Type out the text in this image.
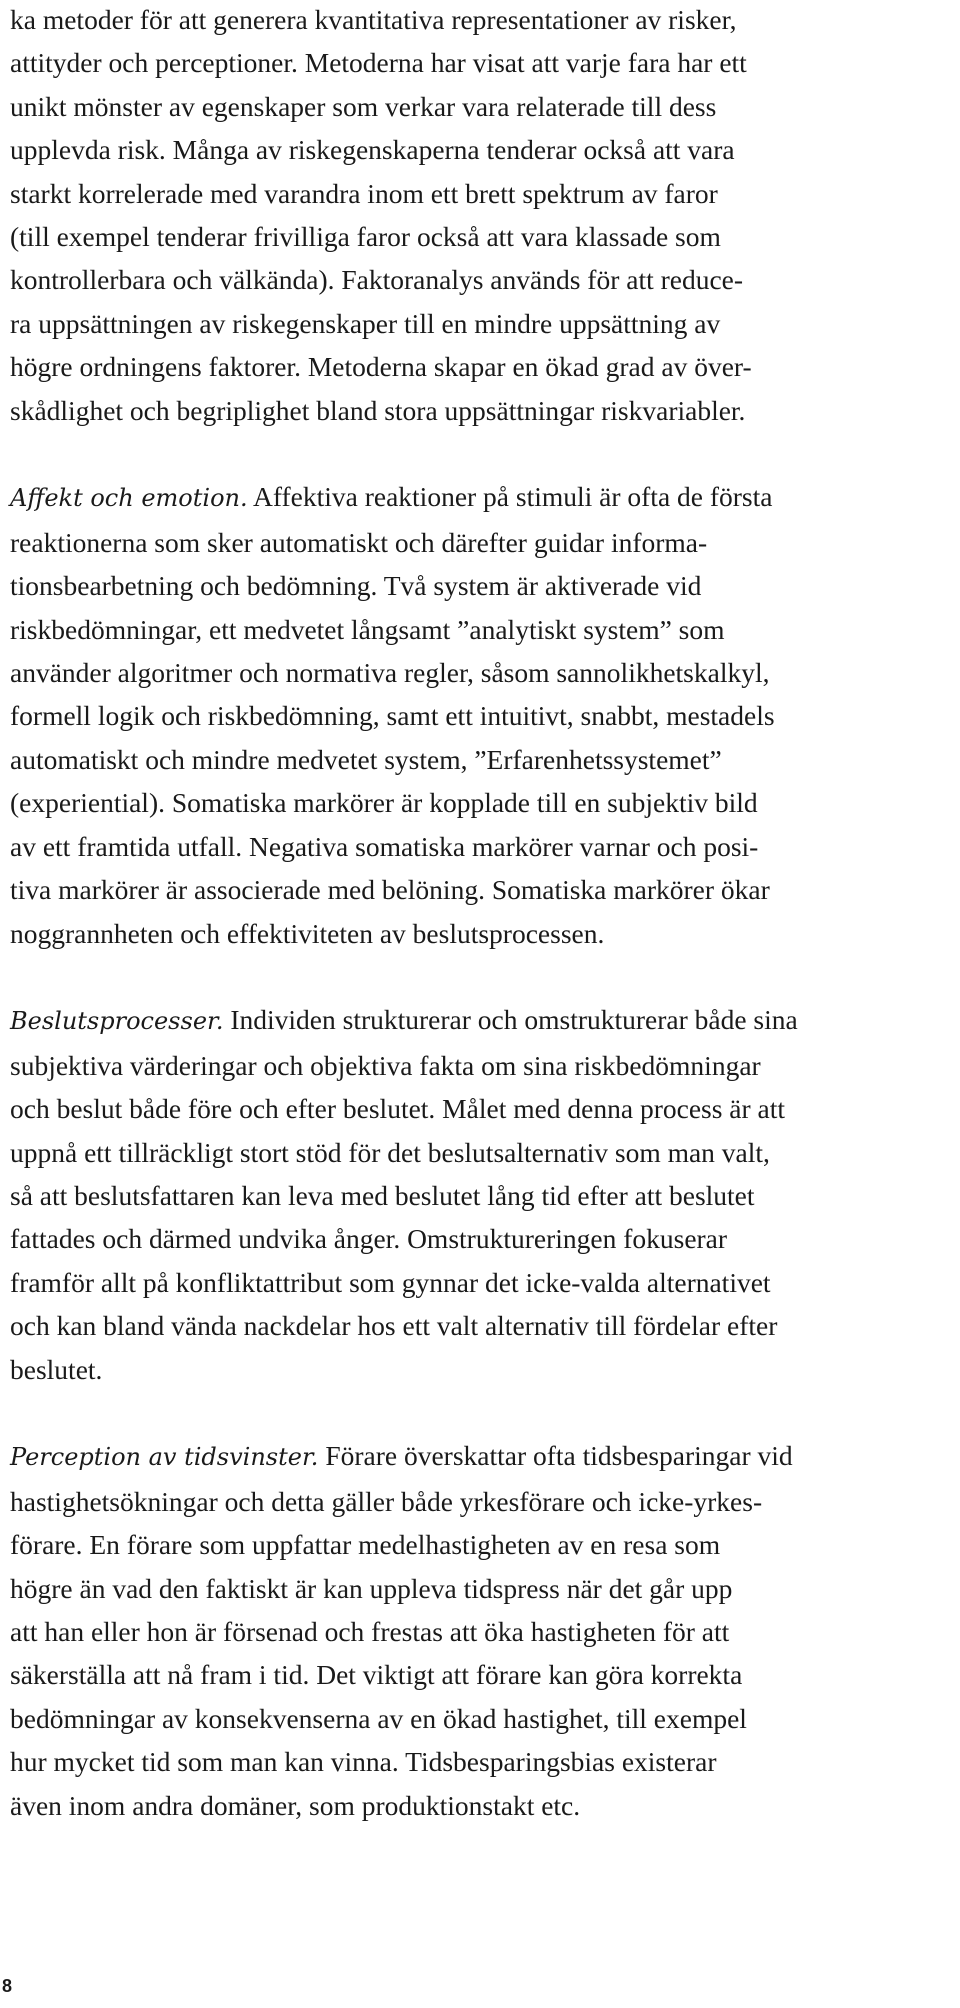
ka metoder för att generera kvantitativa representationer av risker,
attityder och perceptioner. Metoderna har visat att varje fara har ett
unikt mönster av egenskaper som verkar vara relaterade till dess
upplevda risk. Många av riskegenskaperna tenderar också att vara
starkt korrelerade med varandra inom ett brett spektrum av faror
(till exempel tenderar frivilliga faror också att vara klassade som
kontrollerbara och välkända). Faktoranalys används för att reduce-
ra uppsättningen av riskegenskaper till en mindre uppsättning av
högre ordningens faktorer. Metoderna skapar en ökad grad av över-
skådlighet och begriplighet bland stora uppsättningar riskvariabler.

Affekt och emotion. Affektiva reaktioner på stimuli är ofta de första
reaktionerna som sker automatiskt och därefter guidar informa-
tionsbearbetning och bedömning. Två system är aktiverade vid
riskbedömningar, ett medvetet långsamt ”analytiskt system” som
använder algoritmer och normativa regler, såsom sannolikhetskalkyl,
formell logik och riskbedömning, samt ett intuitivt, snabbt, mestadels
automatiskt och mindre medvetet system, ”Erfarenhetssystemet”
(experiential). Somatiska markörer är kopplade till en subjektiv bild
av ett framtida utfall. Negativa somatiska markörer varnar och posi-
tiva markörer är associerade med belöning. Somatiska markörer ökar
noggrannheten och effektiviteten av beslutsprocessen.

Beslutsprocesser. Individen strukturerar och omstrukturerar både sina
subjektiva värderingar och objektiva fakta om sina riskbedömningar
och beslut både före och efter beslutet. Målet med denna process är att
uppnå ett tillräckligt stort stöd för det beslutsalternativ som man valt,
så att beslutsfattaren kan leva med beslutet lång tid efter att beslutet
fattades och därmed undvika ånger. Omstruktureringen fokuserar
framför allt på konfliktattribut som gynnar det icke-valda alternativet
och kan bland vända nackdelar hos ett valt alternativ till fördelar efter
beslutet.

Perception av tidsvinster. Förare överskattar ofta tidsbesparingar vid
hastighetsökningar och detta gäller både yrkesförare och icke-yrkes-
förare. En förare som uppfattar medelhastigheten av en resa som
högre än vad den faktiskt är kan uppleva tidspress när det går upp
att han eller hon är försenad och frestas att öka hastigheten för att
säkerställa att nå fram i tid. Det viktigt att förare kan göra korrekta
bedömningar av konsekvenserna av en ökad hastighet, till exempel
hur mycket tid som man kan vinna. Tidsbesparingsbias existerar
även inom andra domäner, som produktionstakt etc.

8
